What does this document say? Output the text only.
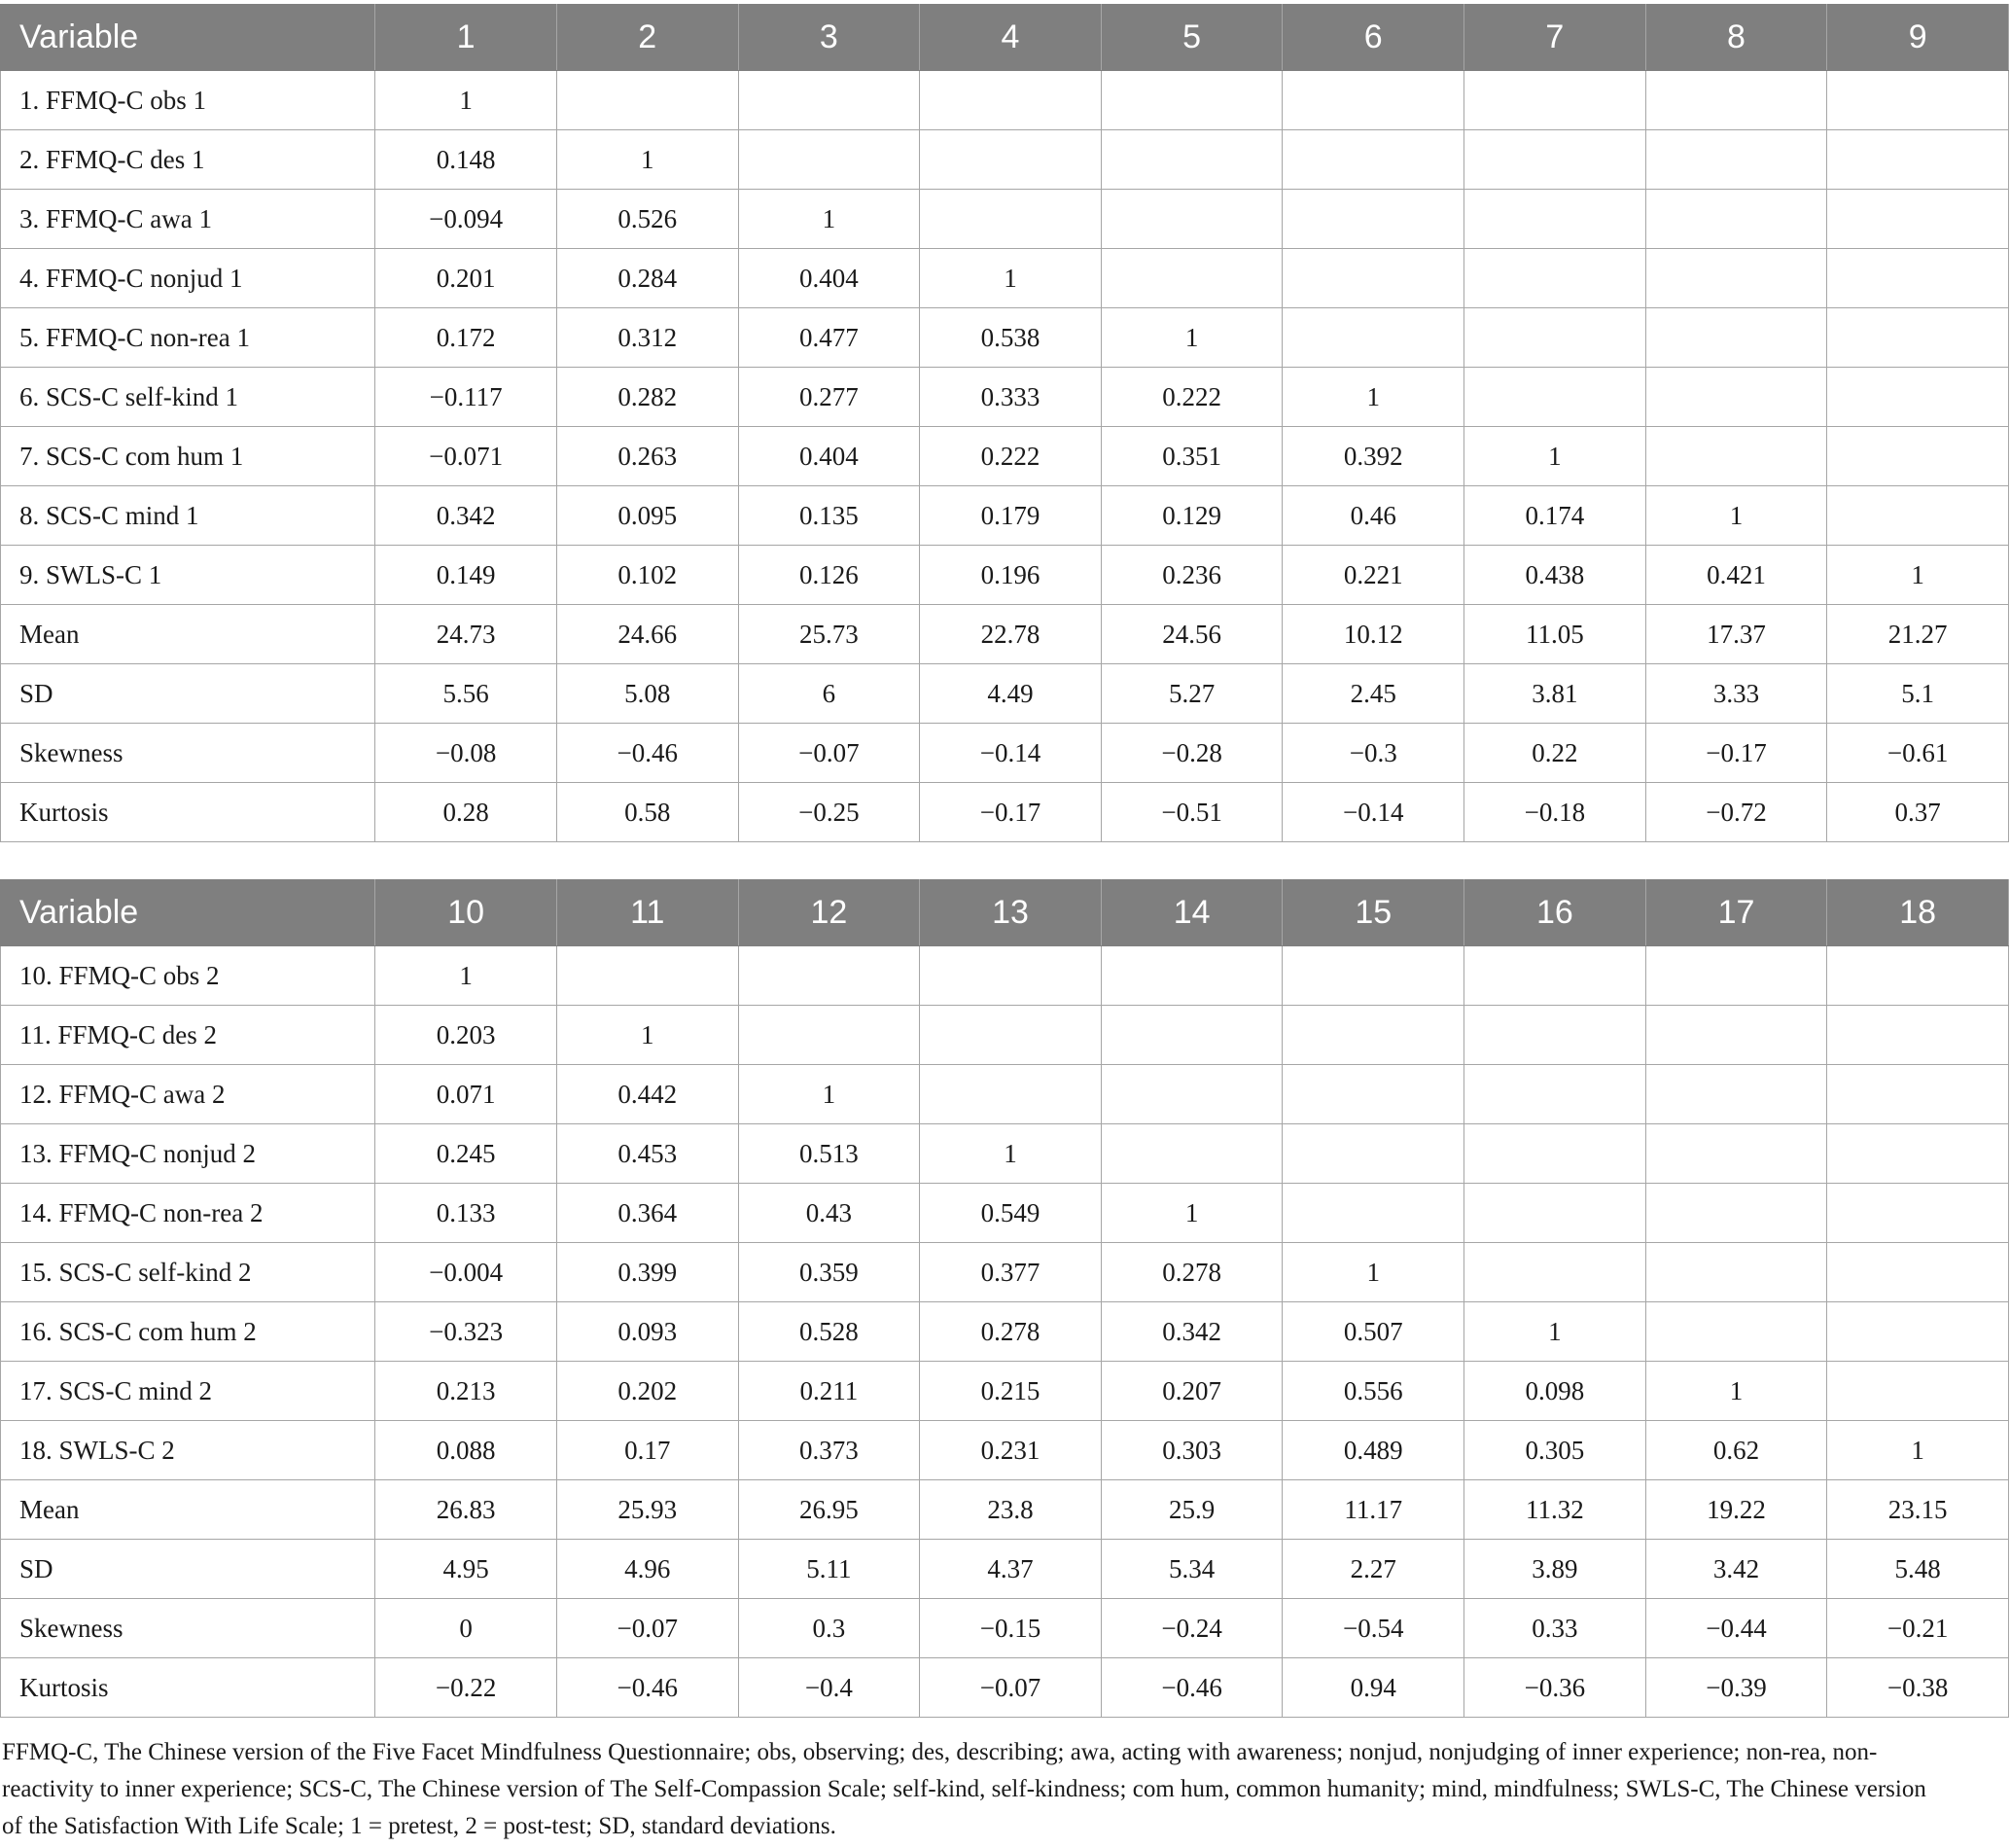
Variable	1	2	3	4	5	6	7	8	9
1. FFMQ-C obs 1	1								
2. FFMQ-C des 1	0.148	1							
3. FFMQ-C awa 1	−0.094	0.526	1						
4. FFMQ-C nonjud 1	0.201	0.284	0.404	1					
5. FFMQ-C non-rea 1	0.172	0.312	0.477	0.538	1				
6. SCS-C self-kind 1	−0.117	0.282	0.277	0.333	0.222	1			
7. SCS-C com hum 1	−0.071	0.263	0.404	0.222	0.351	0.392	1		
8. SCS-C mind 1	0.342	0.095	0.135	0.179	0.129	0.46	0.174	1	
9. SWLS-C 1	0.149	0.102	0.126	0.196	0.236	0.221	0.438	0.421	1
Mean	24.73	24.66	25.73	22.78	24.56	10.12	11.05	17.37	21.27
SD	5.56	5.08	6	4.49	5.27	2.45	3.81	3.33	5.1
Skewness	−0.08	−0.46	−0.07	−0.14	−0.28	−0.3	0.22	−0.17	−0.61
Kurtosis	0.28	0.58	−0.25	−0.17	−0.51	−0.14	−0.18	−0.72	0.37
Variable	10	11	12	13	14	15	16	17	18
10. FFMQ-C obs 2	1								
11. FFMQ-C des 2	0.203	1							
12. FFMQ-C awa 2	0.071	0.442	1						
13. FFMQ-C nonjud 2	0.245	0.453	0.513	1					
14. FFMQ-C non-rea 2	0.133	0.364	0.43	0.549	1				
15. SCS-C self-kind 2	−0.004	0.399	0.359	0.377	0.278	1			
16. SCS-C com hum 2	−0.323	0.093	0.528	0.278	0.342	0.507	1		
17. SCS-C mind 2	0.213	0.202	0.211	0.215	0.207	0.556	0.098	1	
18. SWLS-C 2	0.088	0.17	0.373	0.231	0.303	0.489	0.305	0.62	1
Mean	26.83	25.93	26.95	23.8	25.9	11.17	11.32	19.22	23.15
SD	4.95	4.96	5.11	4.37	5.34	2.27	3.89	3.42	5.48
Skewness	0	−0.07	0.3	−0.15	−0.24	−0.54	0.33	−0.44	−0.21
Kurtosis	−0.22	−0.46	−0.4	−0.07	−0.46	0.94	−0.36	−0.39	−0.38

FFMQ-C, The Chinese version of the Five Facet Mindfulness Questionnaire; obs, observing; des, describing; awa, acting with awareness; nonjud, nonjudging of inner experience; non-rea, non-reactivity to inner experience; SCS-C, The Chinese version of The Self-Compassion Scale; self-kind, self-kindness; com hum, common humanity; mind, mindfulness; SWLS-C, The Chinese version of the Satisfaction With Life Scale; 1 = pretest, 2 = post-test; SD, standard deviations.
